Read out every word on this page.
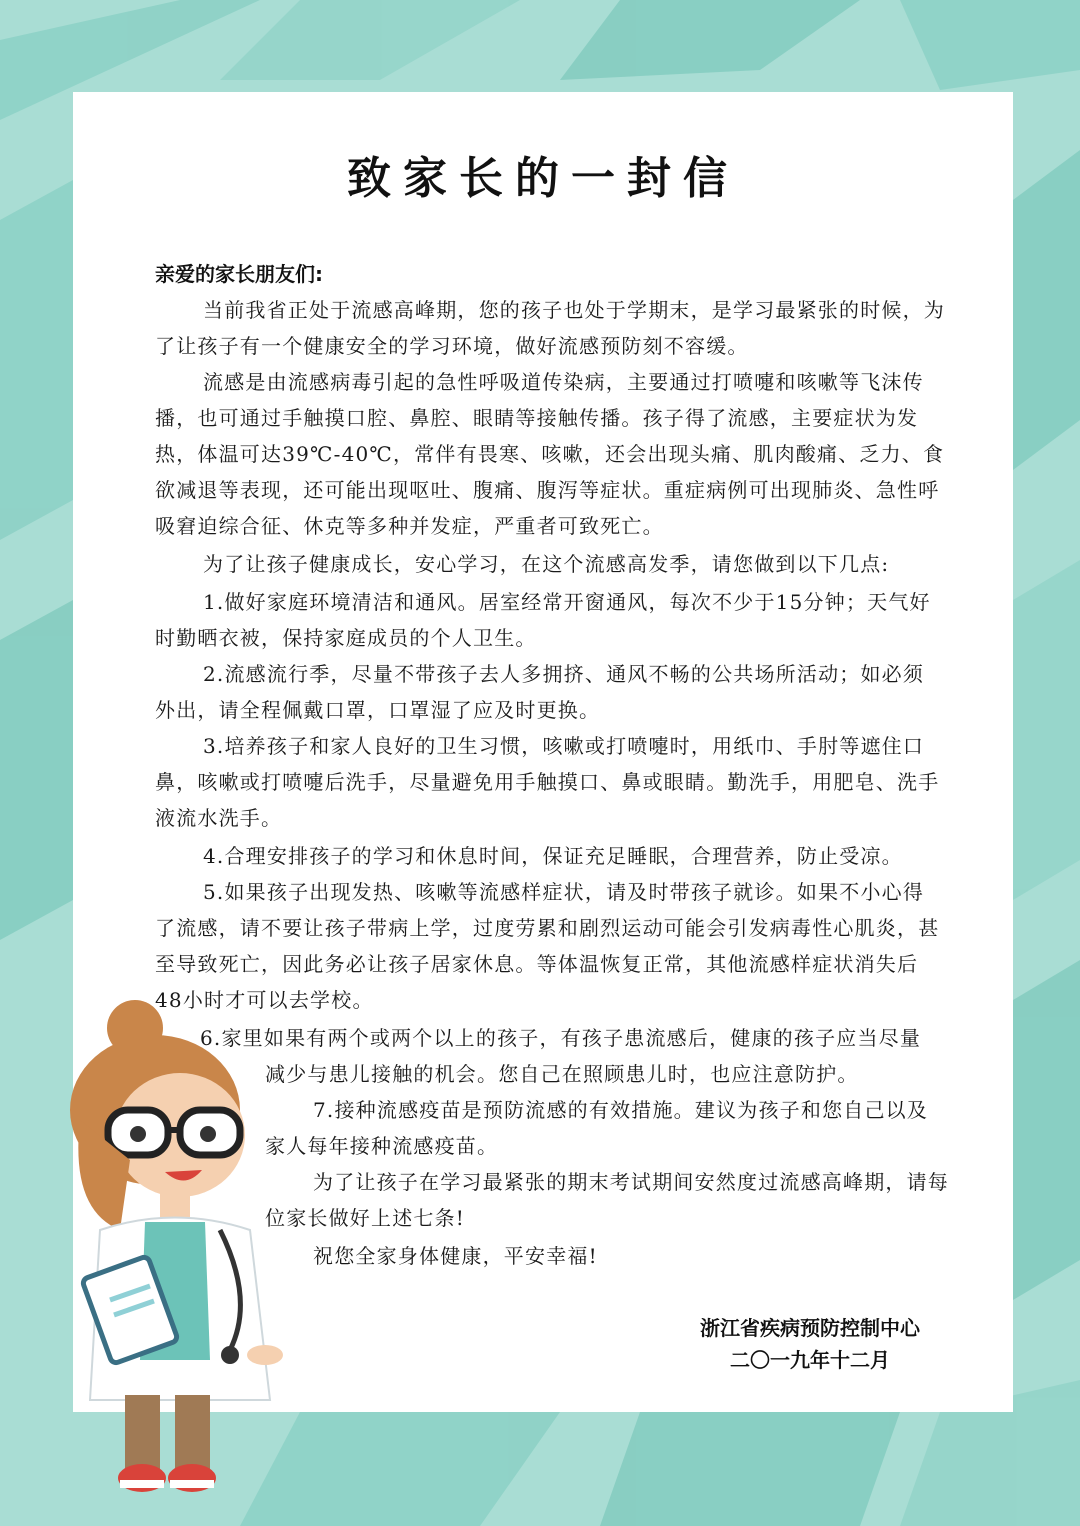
致家长的一封信
亲爱的家长朋友们:

当前我省正处于流感高峰期，您的孩子也处于学期末，是学习最紧张的时候，为了让孩子有一个健康安全的学习环境，做好流感预防刻不容缓。

流感是由流感病毒引起的急性呼吸道传染病，主要通过打喷嚏和咳嗽等飞沫传播，也可通过手触摸口腔、鼻腔、眼睛等接触传播。孩子得了流感，主要症状为发热，体温可达39℃-40℃，常伴有畏寒、咳嗽，还会出现头痛、肌肉酸痛、乏力、食欲减退等表现，还可能出现呕吐、腹痛、腹泻等症状。重症病例可出现肺炎、急性呼吸窘迫综合征、休克等多种并发症，严重者可致死亡。

为了让孩子健康成长，安心学习，在这个流感高发季，请您做到以下几点:

1.做好家庭环境清洁和通风。居室经常开窗通风，每次不少于15分钟；天气好时勤晒衣被，保持家庭成员的个人卫生。

2.流感流行季，尽量不带孩子去人多拥挤、通风不畅的公共场所活动；如必须外出，请全程佩戴口罩，口罩湿了应及时更换。

3.培养孩子和家人良好的卫生习惯，咳嗽或打喷嚏时，用纸巾、手肘等遮住口鼻，咳嗽或打喷嚏后洗手，尽量避免用手触摸口、鼻或眼睛。勤洗手，用肥皂、洗手液流水洗手。

4.合理安排孩子的学习和休息时间，保证充足睡眠，合理营养，防止受凉。

5.如果孩子出现发热、咳嗽等流感样症状，请及时带孩子就诊。如果不小心得了流感，请不要让孩子带病上学，过度劳累和剧烈运动可能会引发病毒性心肌炎，甚至导致死亡，因此务必让孩子居家休息。等体温恢复正常，其他流感样症状消失后48小时才可以去学校。

6.家里如果有两个或两个以上的孩子，有孩子患流感后，健康的孩子应当尽量减少与患儿接触的机会。您自己在照顾患儿时，也应注意防护。

7.接种流感疫苗是预防流感的有效措施。建议为孩子和您自己以及家人每年接种流感疫苗。

为了让孩子在学习最紧张的期末考试期间安然度过流感高峰期，请每位家长做好上述七条!

祝您全家身体健康，平安幸福!

浙江省疾病预防控制中心
二〇一九年十二月
